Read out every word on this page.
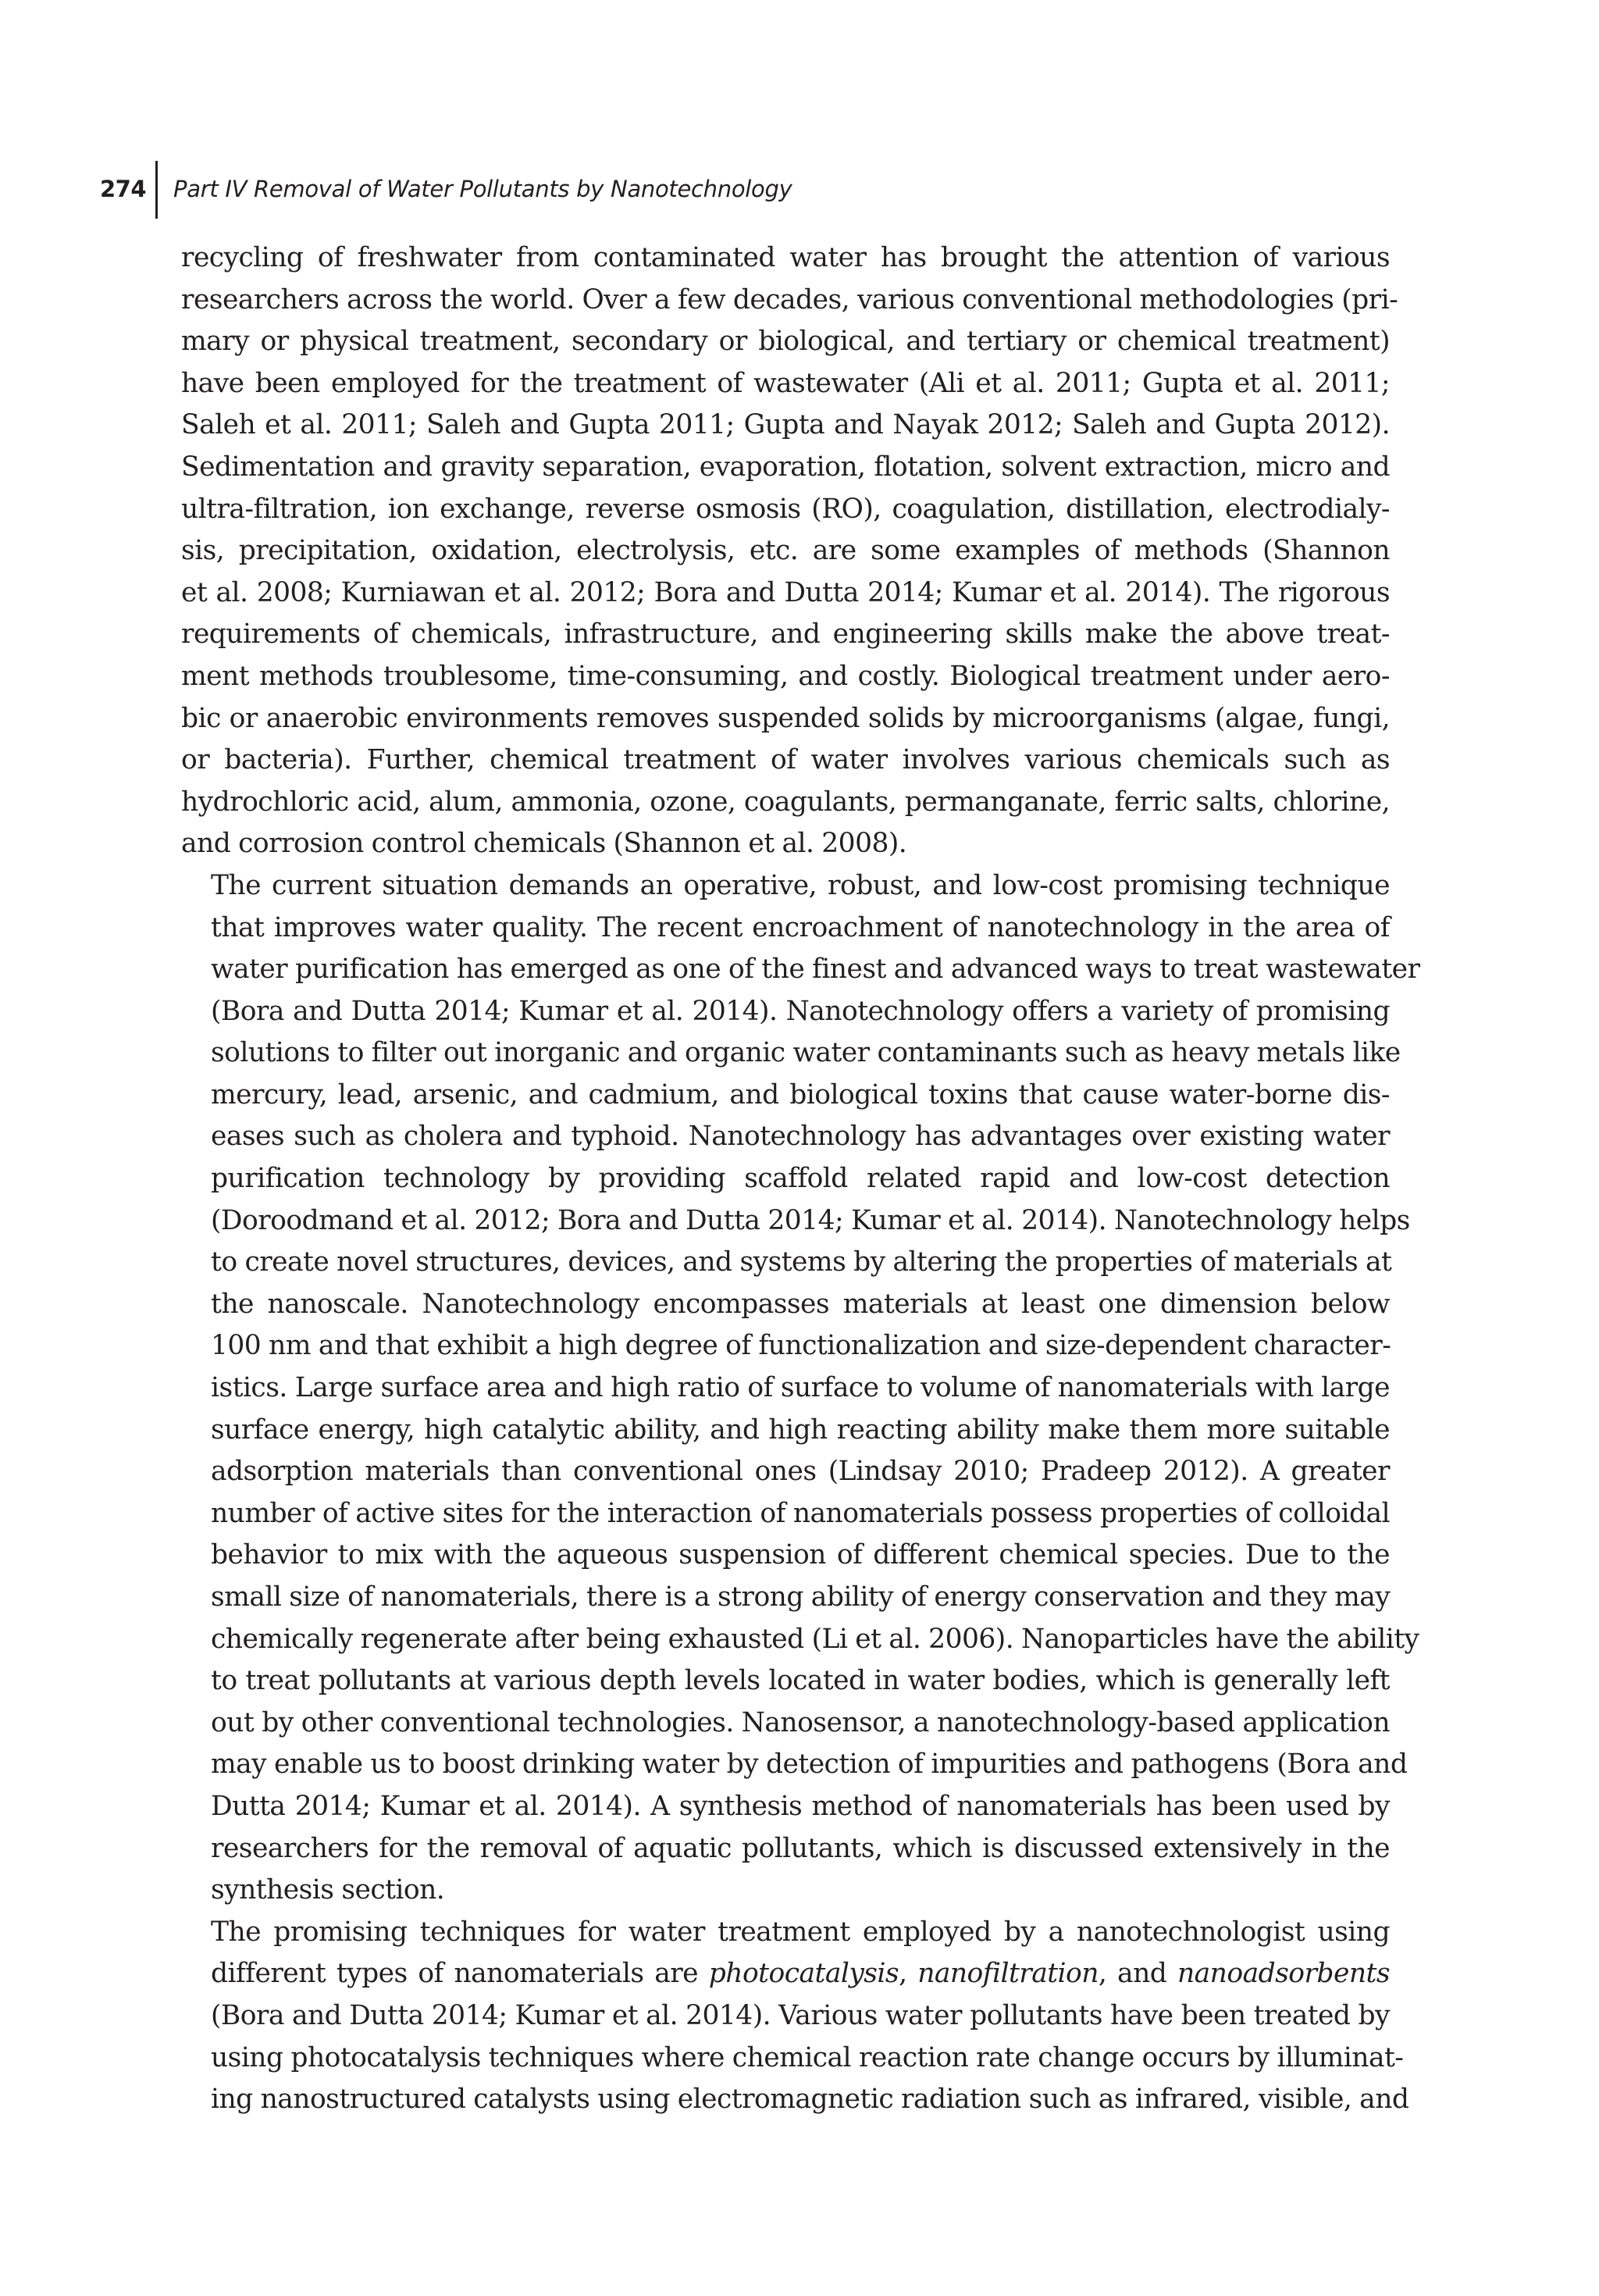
274 Part IV Removal of Water Pollutants by Nanotechnology

recycling of freshwater from contaminated water has brought the attention of various
researchers across the world. Over a few decades, various conventional methodologies (pri-
mary or physical treatment, secondary or biological, and tertiary or chemical treatment)
have been employed for the treatment of wastewater (Ali et al. 2011; Gupta et al. 2011;
Saleh et al. 2011; Saleh and Gupta 2011; Gupta and Nayak 2012; Saleh and Gupta 2012).
Sedimentation and gravity separation, evaporation, flotation, solvent extraction, micro and
ultra-filtration, ion exchange, reverse osmosis (RO), coagulation, distillation, electrodialy-
sis, precipitation, oxidation, electrolysis, etc. are some examples of methods (Shannon
et al. 2008; Kurniawan et al. 2012; Bora and Dutta 2014; Kumar et al. 2014). The rigorous
requirements of chemicals, infrastructure, and engineering skills make the above treat-
ment methods troublesome, time-consuming, and costly. Biological treatment under aero-
bic or anaerobic environments removes suspended solids by microorganisms (algae, fungi,
or bacteria). Further, chemical treatment of water involves various chemicals such as
hydrochloric acid, alum, ammonia, ozone, coagulants, permanganate, ferric salts, chlorine,
and corrosion control chemicals (Shannon et al. 2008).

The current situation demands an operative, robust, and low-cost promising technique
that improves water quality. The recent encroachment of nanotechnology in the area of
water purification has emerged as one of the finest and advanced ways to treat wastewater
(Bora and Dutta 2014; Kumar et al. 2014). Nanotechnology offers a variety of promising
solutions to filter out inorganic and organic water contaminants such as heavy metals like
mercury, lead, arsenic, and cadmium, and biological toxins that cause water-borne dis-
eases such as cholera and typhoid. Nanotechnology has advantages over existing water
purification technology by providing scaffold related rapid and low-cost detection
(Doroodmand et al. 2012; Bora and Dutta 2014; Kumar et al. 2014). Nanotechnology helps
to create novel structures, devices, and systems by altering the properties of materials at
the nanoscale. Nanotechnology encompasses materials at least one dimension below
100 nm and that exhibit a high degree of functionalization and size-dependent character-
istics. Large surface area and high ratio of surface to volume of nanomaterials with large
surface energy, high catalytic ability, and high reacting ability make them more suitable
adsorption materials than conventional ones (Lindsay 2010; Pradeep 2012). A greater
number of active sites for the interaction of nanomaterials possess properties of colloidal
behavior to mix with the aqueous suspension of different chemical species. Due to the
small size of nanomaterials, there is a strong ability of energy conservation and they may
chemically regenerate after being exhausted (Li et al. 2006). Nanoparticles have the ability
to treat pollutants at various depth levels located in water bodies, which is generally left
out by other conventional technologies. Nanosensor, a nanotechnology-based application
may enable us to boost drinking water by detection of impurities and pathogens (Bora and
Dutta 2014; Kumar et al. 2014). A synthesis method of nanomaterials has been used by
researchers for the removal of aquatic pollutants, which is discussed extensively in the
synthesis section.

The promising techniques for water treatment employed by a nanotechnologist using
different types of nanomaterials are photocatalysis, nanofiltration, and nanoadsorbents
(Bora and Dutta 2014; Kumar et al. 2014). Various water pollutants have been treated by
using photocatalysis techniques where chemical reaction rate change occurs by illuminat-
ing nanostructured catalysts using electromagnetic radiation such as infrared, visible, and
